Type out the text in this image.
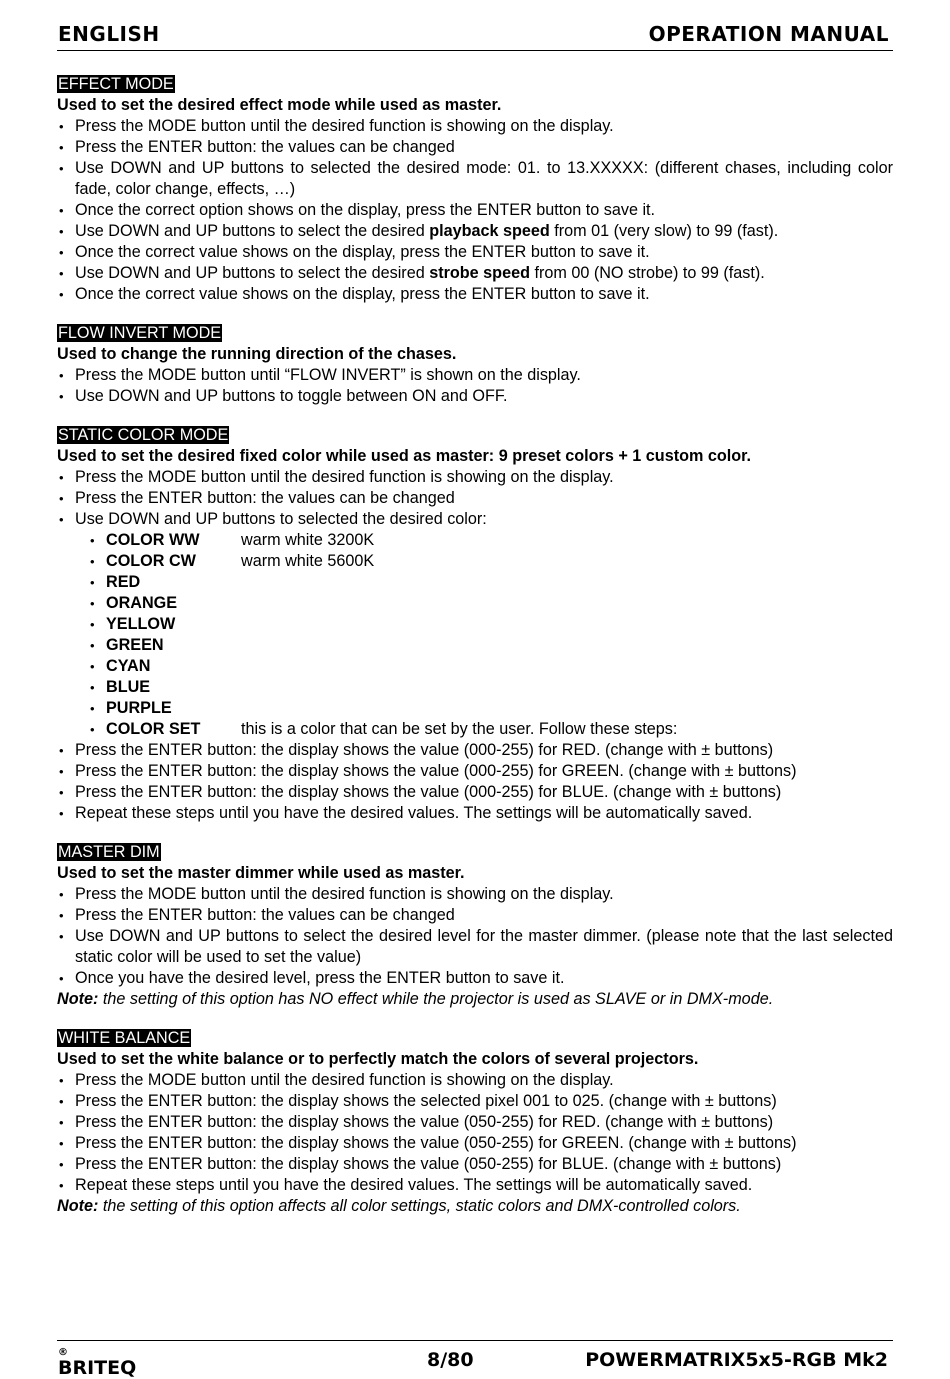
ENGLISH	OPERATION MANUAL
EFFECT MODE
Used to set the desired effect mode while used as master.
• Press the MODE button until the desired function is showing on the display.
• Press the ENTER button: the values can be changed
• Use DOWN and UP buttons to selected the desired mode: 01. to 13.XXXXX: (different chases, including color fade, color change, effects, …)
• Once the correct option shows on the display, press the ENTER button to save it.
• Use DOWN and UP buttons to select the desired playback speed from 01 (very slow) to 99 (fast).
• Once the correct value shows on the display, press the ENTER button to save it.
• Use DOWN and UP buttons to select the desired strobe speed from 00 (NO strobe) to 99 (fast).
• Once the correct value shows on the display, press the ENTER button to save it.
FLOW INVERT MODE
Used to change the running direction of the chases.
• Press the MODE button until “FLOW INVERT” is shown on the display.
• Use DOWN and UP buttons to toggle between ON and OFF.
STATIC COLOR MODE
Used to set the desired fixed color while used as master: 9 preset colors + 1 custom color.
• Press the MODE button until the desired function is showing on the display.
• Press the ENTER button: the values can be changed
• Use DOWN and UP buttons to selected the desired color:
• COLOR WW	warm white 3200K
• COLOR CW	warm white 5600K
• RED
• ORANGE
• YELLOW
• GREEN
• CYAN
• BLUE
• PURPLE
• COLOR SET	this is a color that can be set by the user. Follow these steps:
• Press the ENTER button: the display shows the value (000-255) for RED. (change with ± buttons)
• Press the ENTER button: the display shows the value (000-255) for GREEN. (change with ± buttons)
• Press the ENTER button: the display shows the value (000-255) for BLUE. (change with ± buttons)
• Repeat these steps until you have the desired values. The settings will be automatically saved.
MASTER DIM
Used to set the master dimmer while used as master.
• Press the MODE button until the desired function is showing on the display.
• Press the ENTER button: the values can be changed
• Use DOWN and UP buttons to select the desired level for the master dimmer. (please note that the last selected static color will be used to set the value)
• Once you have the desired level, press the ENTER button to save it.
Note: the setting of this option has NO effect while the projector is used as SLAVE or in DMX-mode.
WHITE BALANCE
Used to set the white balance or to perfectly match the colors of several projectors.
• Press the MODE button until the desired function is showing on the display.
• Press the ENTER button: the display shows the selected pixel 001 to 025. (change with ± buttons)
• Press the ENTER button: the display shows the value (050-255) for RED. (change with ± buttons)
• Press the ENTER button: the display shows the value (050-255) for GREEN. (change with ± buttons)
• Press the ENTER button: the display shows the value (050-255) for BLUE. (change with ± buttons)
• Repeat these steps until you have the desired values. The settings will be automatically saved.
Note: the setting of this option affects all color settings, static colors and DMX-controlled colors.
BRITEQ
®	8/80	POWERMATRIX5x5-RGB Mk2
